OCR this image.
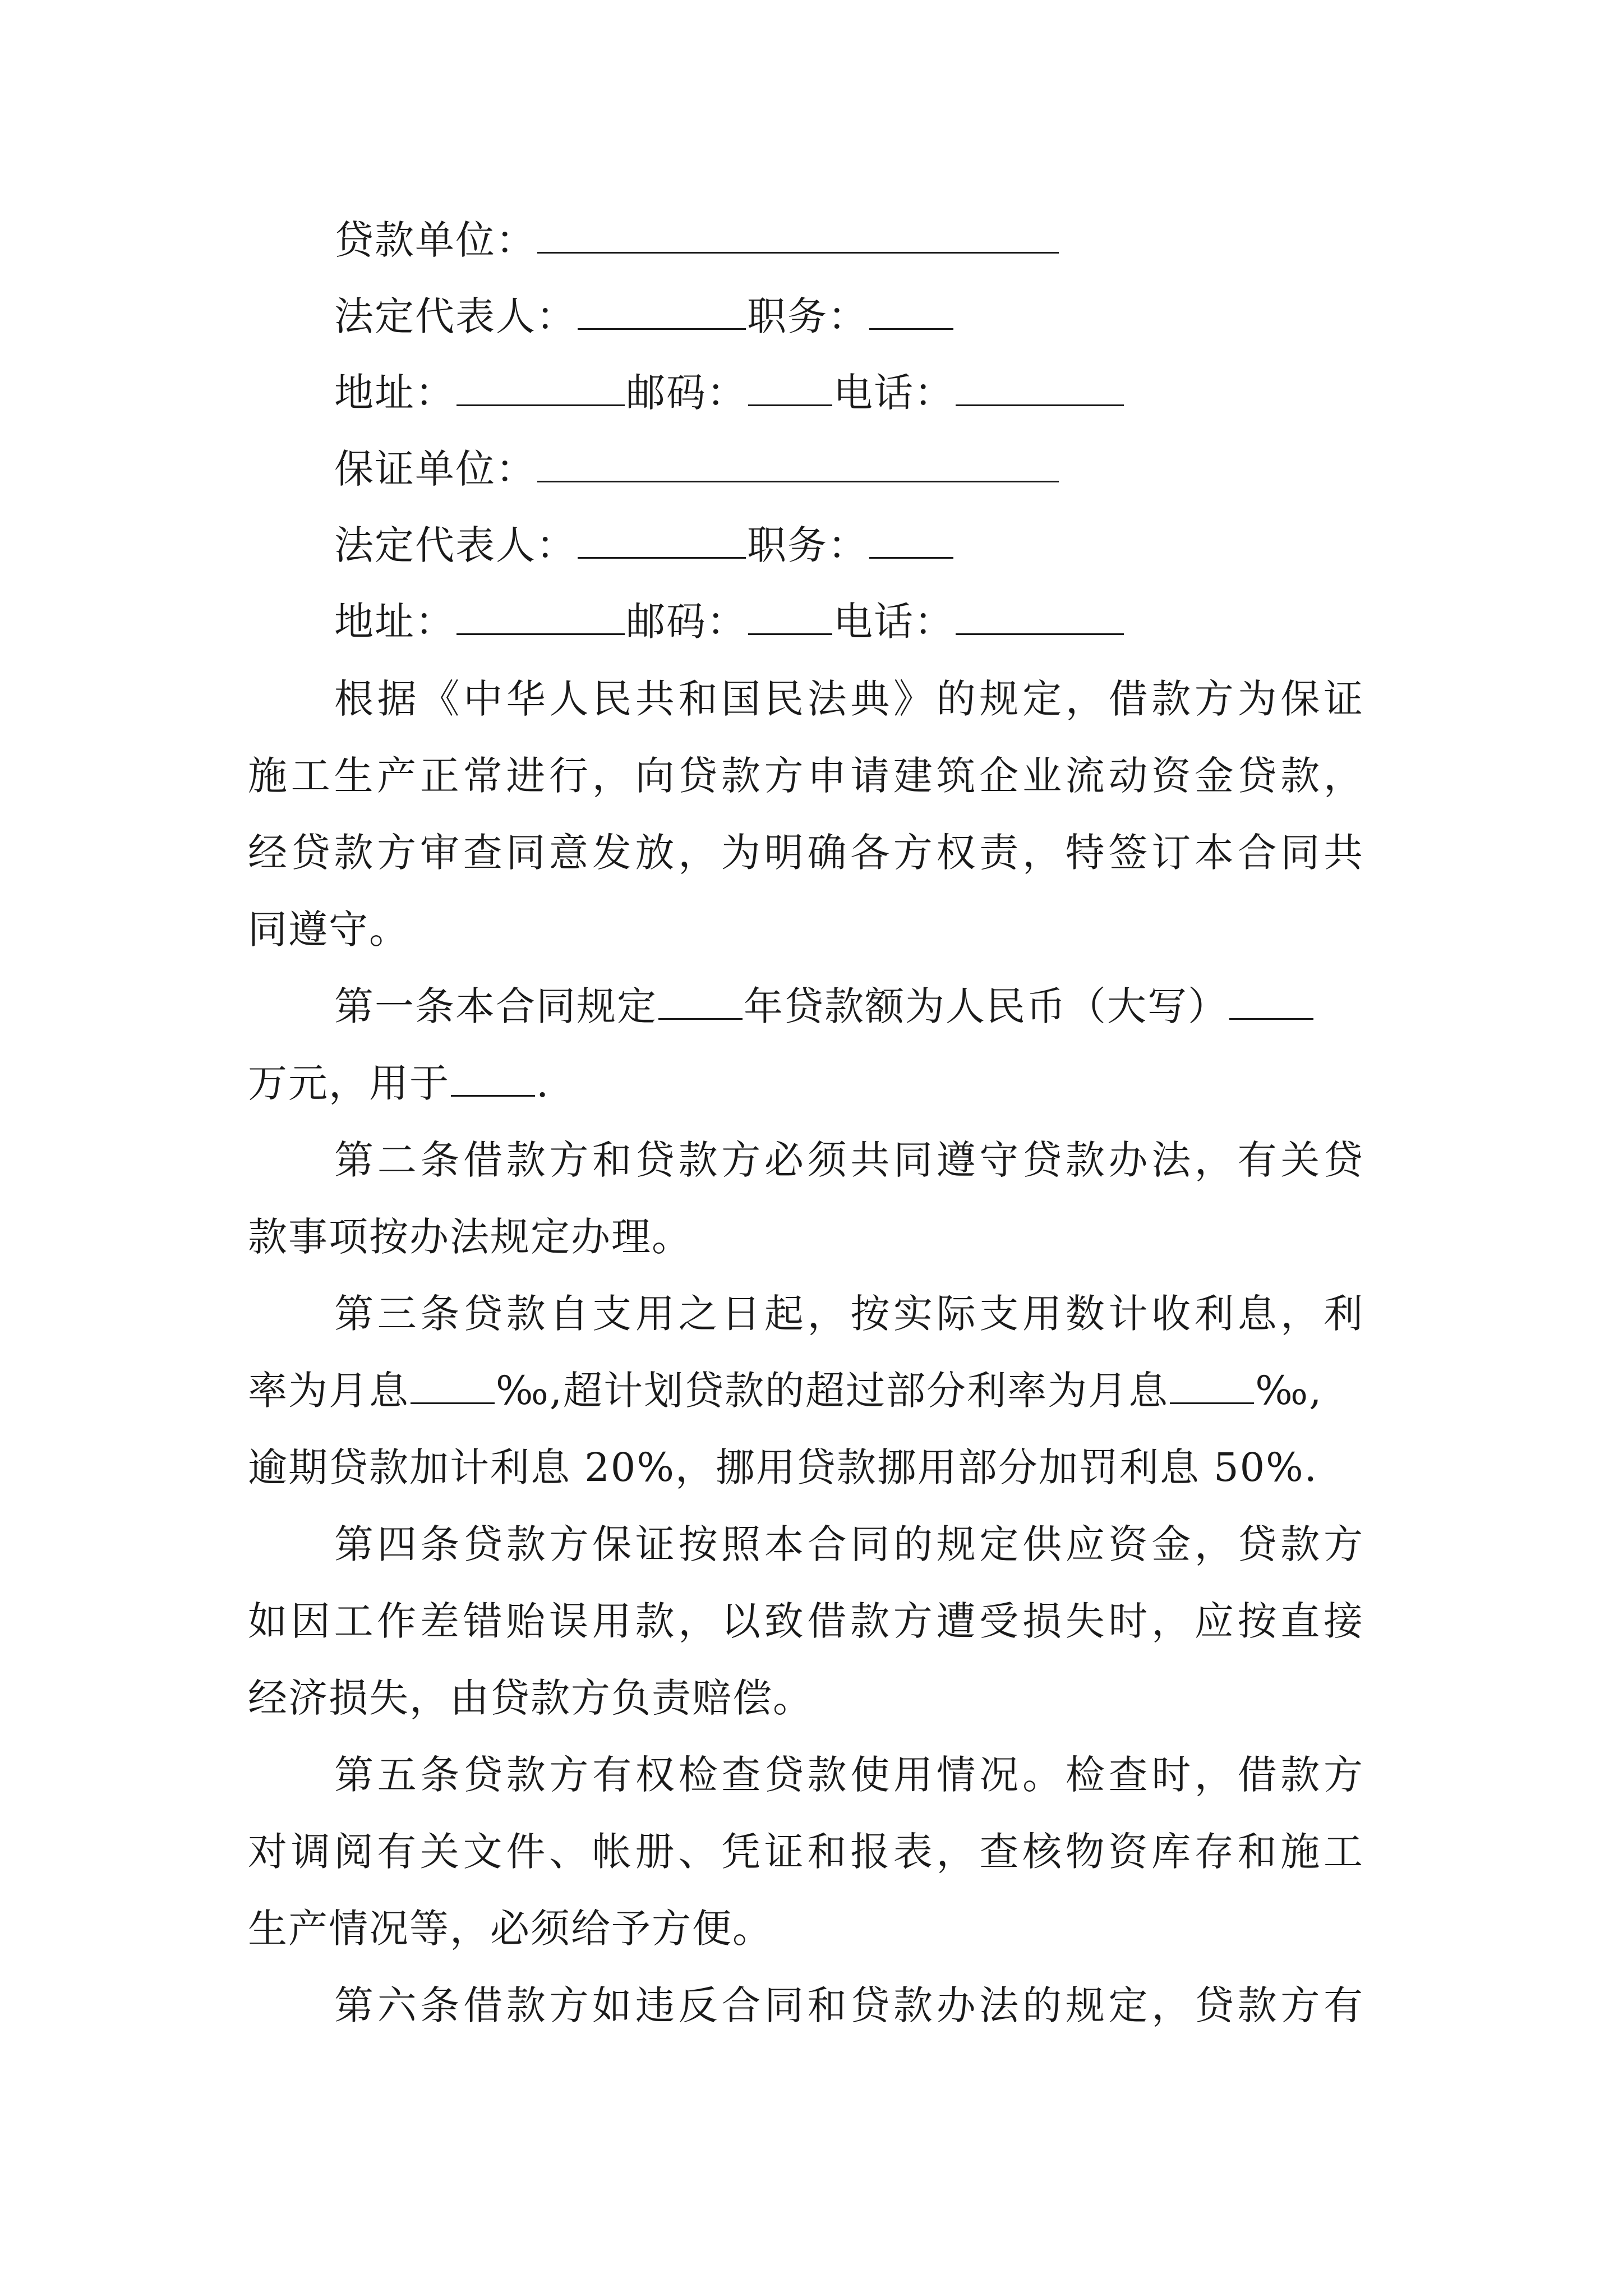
贷款单位：
法定代表人：	职务：
地址：	邮码： 电话：
保证单位：
法定代表人：	职务：
地址：	邮码： 电话：
根据《中华人民共和国民法典》的规定，借款方为保证
施工生产正常进行，向贷款方申请建筑企业流动资金贷款，
经贷款方审查同意发放，为明确各方权责，特签订本合同共
同遵守。
第一条本合同规定 年贷款额为人民币（大写）
万元，用于 .
第二条借款方和贷款方必须共同遵守贷款办法，有关贷
款事项按办法规定办理。
第三条贷款自支用之日起，按实际支用数计收利息，利
率为月息 ‰,超计划贷款的超过部分利率为月息 ‰,
逾期贷款加计利息 20%，挪用贷款挪用部分加罚利息 50%.
第四条贷款方保证按照本合同的规定供应资金，贷款方
如因工作差错贻误用款，以致借款方遭受损失时，应按直接
经济损失，由贷款方负责赔偿。
第五条贷款方有权检查贷款使用情况。检查时，借款方
对调阅有关文件、帐册、凭证和报表，查核物资库存和施工
生产情况等，必须给予方便。
第六条借款方如违反合同和贷款办法的规定，贷款方有
